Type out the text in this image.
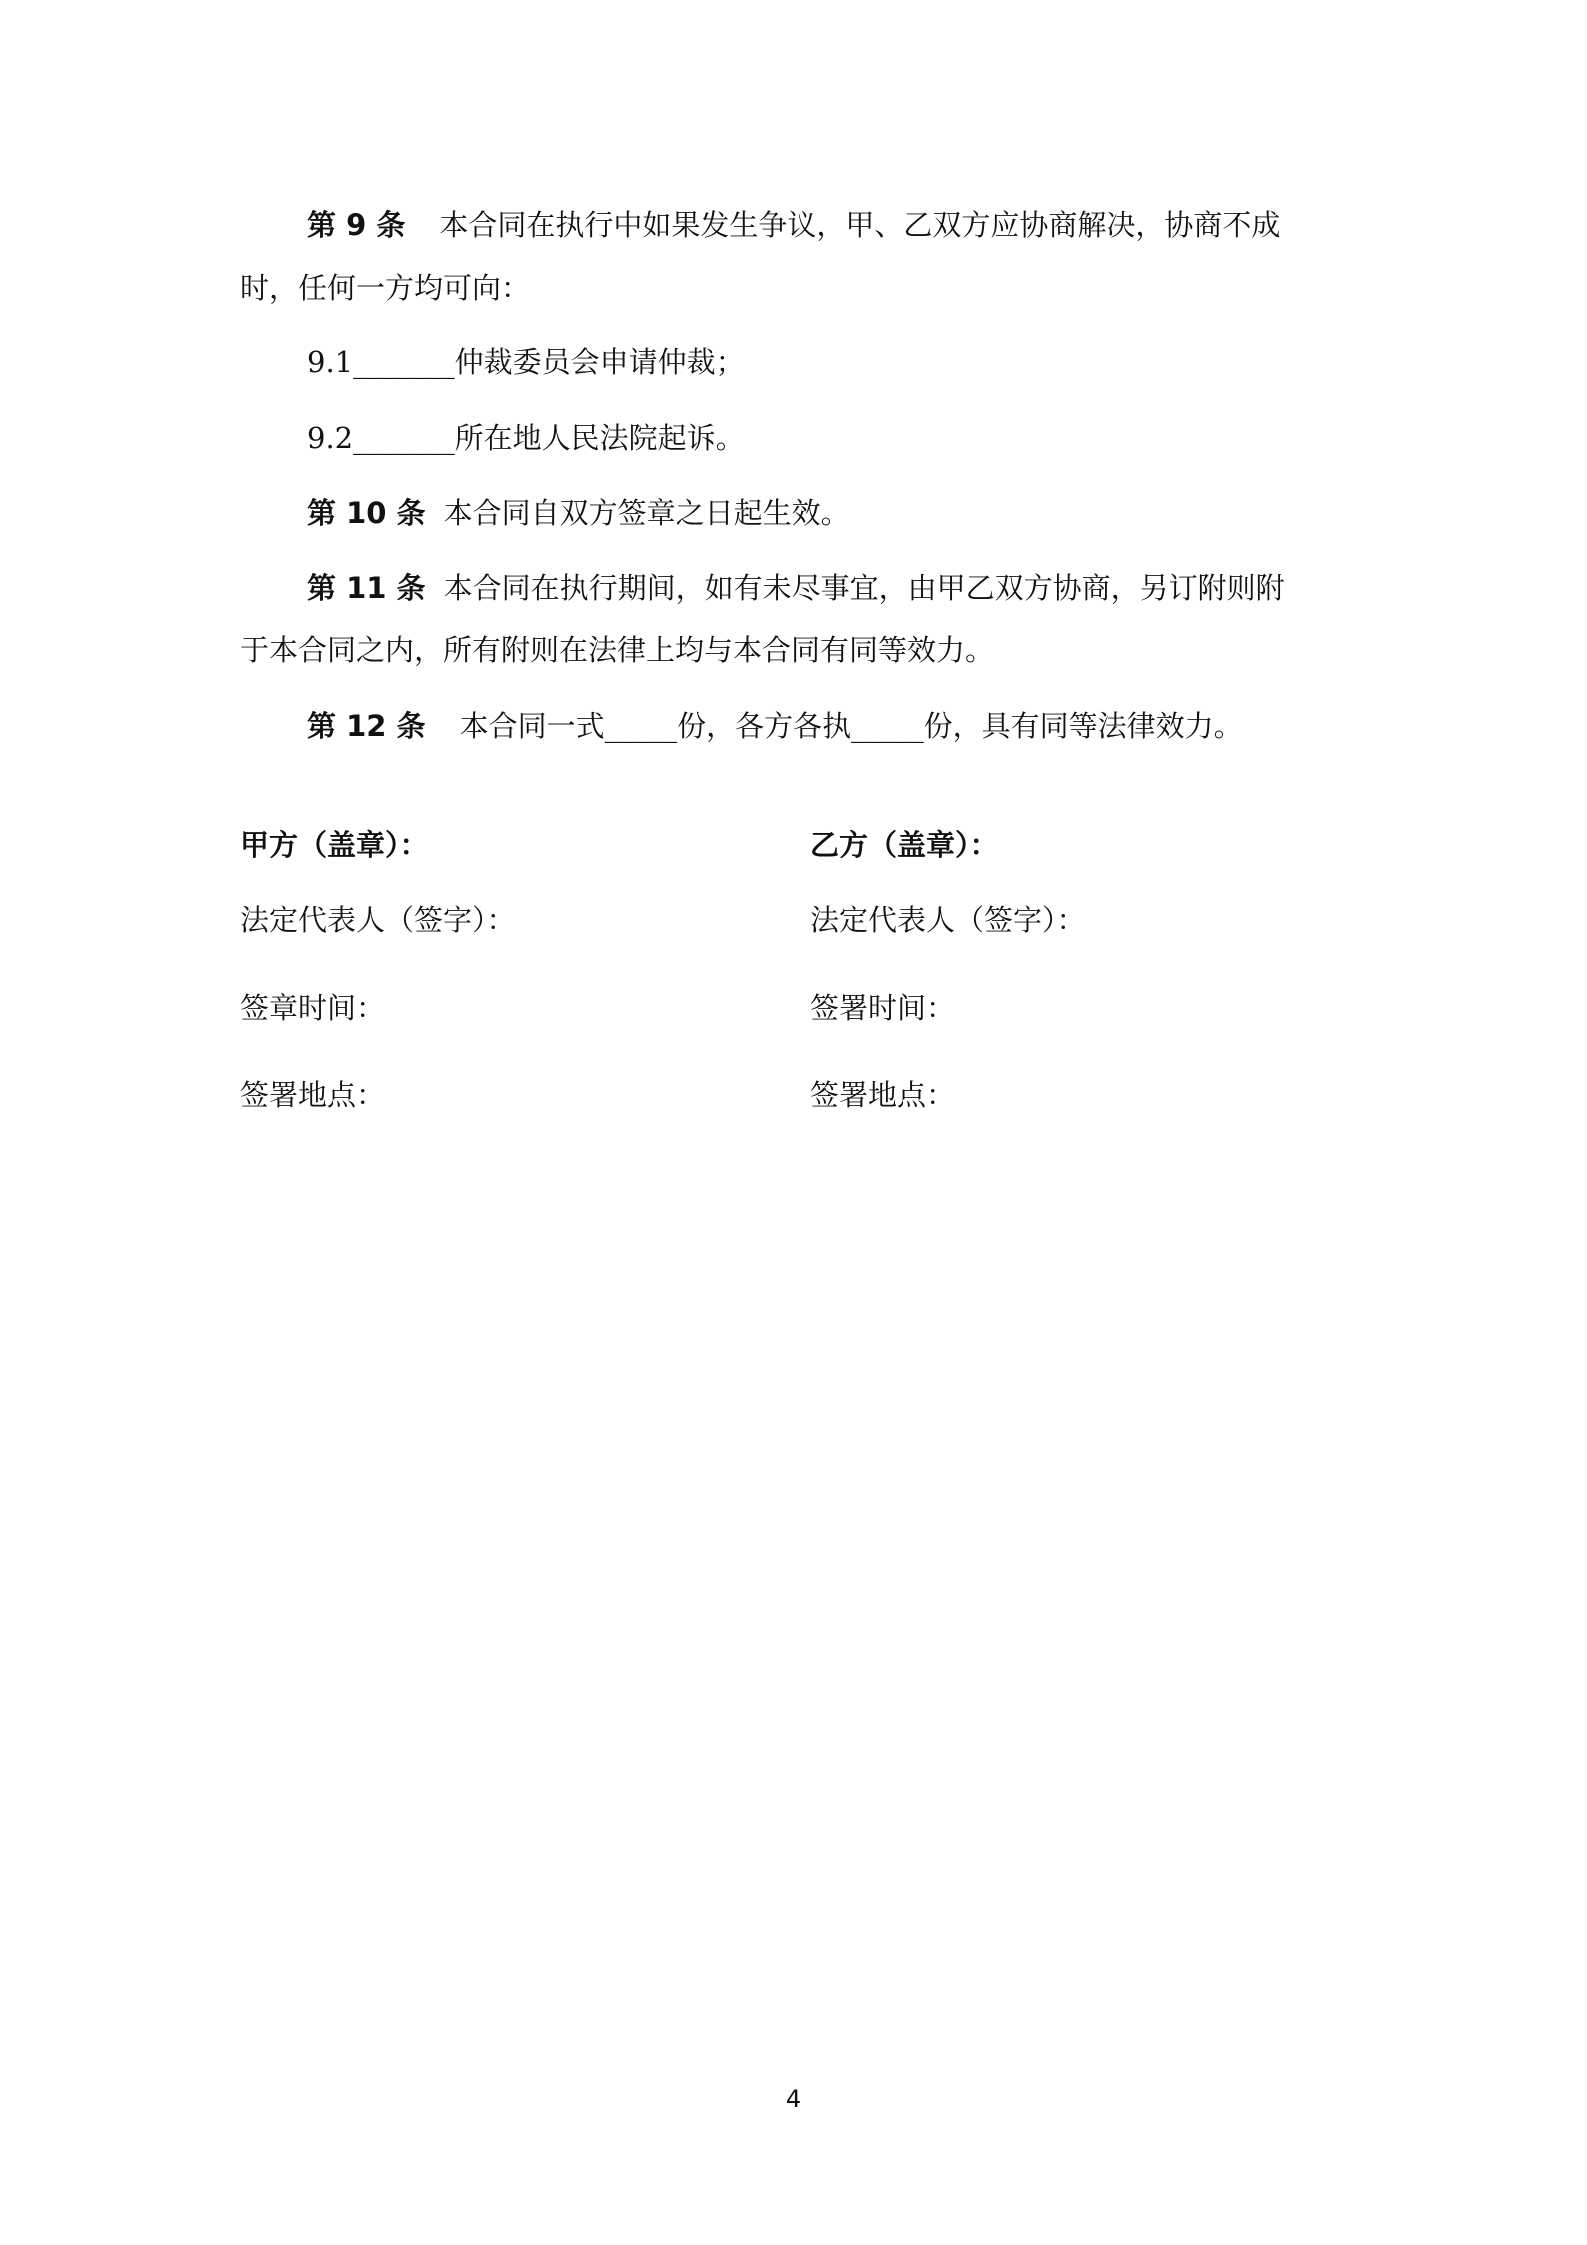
第 9 条 本合同在执行中如果发生争议，甲、乙双方应协商解决，协商不成
时，任何一方均可向：
9.1_______仲裁委员会申请仲裁；
9.2_______所在地人民法院起诉。
第 10 条 本合同自双方签章之日起生效。
第 11 条 本合同在执行期间，如有未尽事宜，由甲乙双方协商，另订附则附
于本合同之内，所有附则在法律上均与本合同有同等效力。
第 12 条 本合同一式_____份，各方各执_____份，具有同等法律效力。
甲方（盖章）：	乙方（盖章）：
法定代表人（签字）：	法定代表人（签字）：
签章时间：	签署时间：
签署地点：	签署地点：
4
